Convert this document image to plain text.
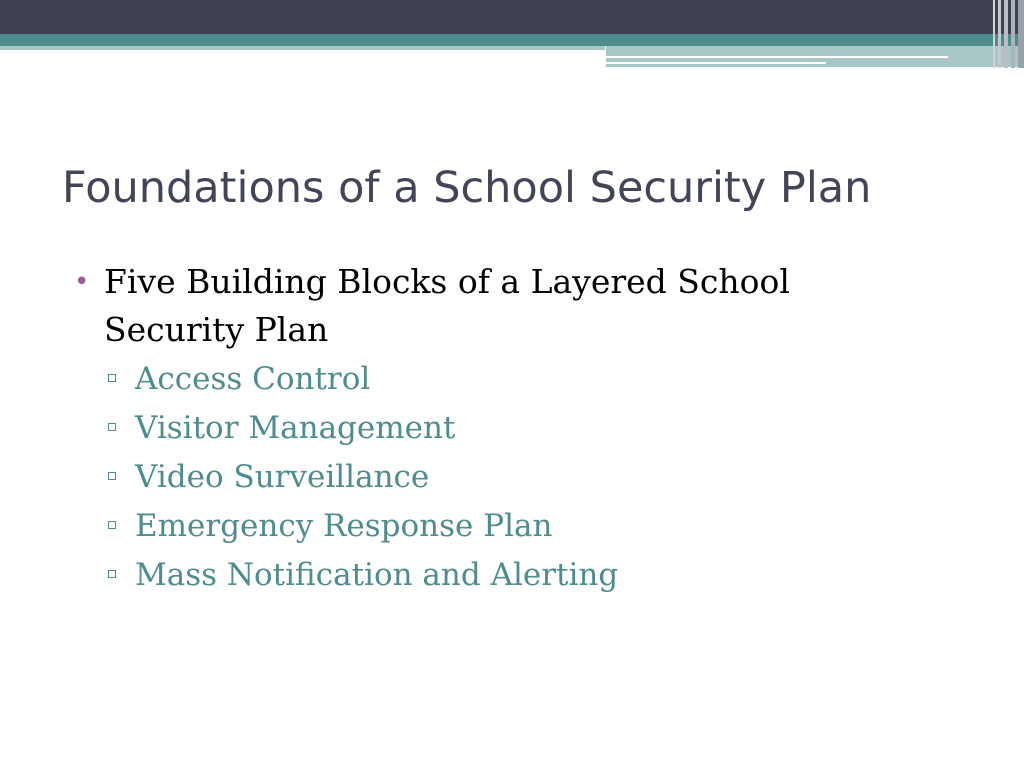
Foundations of a School Security Plan
• Five Building Blocks of a Layered School Security Plan
Access Control
Visitor Management
Video Surveillance
Emergency Response Plan
Mass Notification and Alerting
